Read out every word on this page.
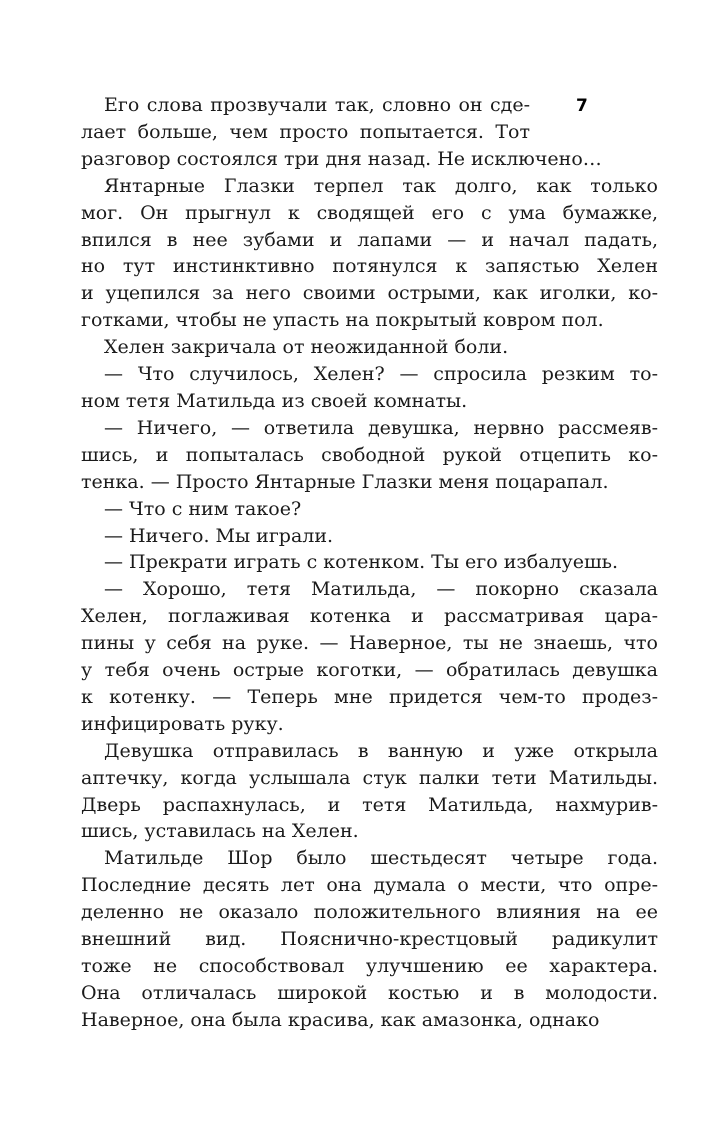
7
Его слова прозвучали так, словно он сде-
лает больше, чем просто попытается. Тот
разговор состоялся три дня назад. Не исключено…
Янтарные Глазки терпел так долго, как только
мог. Он прыгнул к сводящей его с ума бумажке,
впился в нее зубами и лапами — и начал падать,
но тут инстинктивно потянулся к запястью Хелен
и уцепился за него своими острыми, как иголки, ко-
готками, чтобы не упасть на покрытый ковром пол.
Хелен закричала от неожиданной боли.
— Что случилось, Хелен? — спросила резким то-
ном тетя Матильда из своей комнаты.
— Ничего, — ответила девушка, нервно рассмеяв-
шись, и попыталась свободной рукой отцепить ко-
тенка. — Просто Янтарные Глазки меня поцарапал.
— Что с ним такое?
— Ничего. Мы играли.
— Прекрати играть с котенком. Ты его избалуешь.
— Хорошо, тетя Матильда, — покорно сказала
Хелен, поглаживая котенка и рассматривая цара-
пины у себя на руке. — Наверное, ты не знаешь, что
у тебя очень острые коготки, — обратилась девушка
к котенку. — Теперь мне придется чем-то продез-
инфицировать руку.
Девушка отправилась в ванную и уже открыла
аптечку, когда услышала стук палки тети Матильды.
Дверь распахнулась, и тетя Матильда, нахмурив-
шись, уставилась на Хелен.
Матильде Шор было шестьдесят четыре года.
Последние десять лет она думала о мести, что опре-
деленно не оказало положительного влияния на ее
внешний вид. Пояснично-крестцовый радикулит
тоже не способствовал улучшению ее характера.
Она отличалась широкой костью и в молодости.
Наверное, она была красива, как амазонка, однако
